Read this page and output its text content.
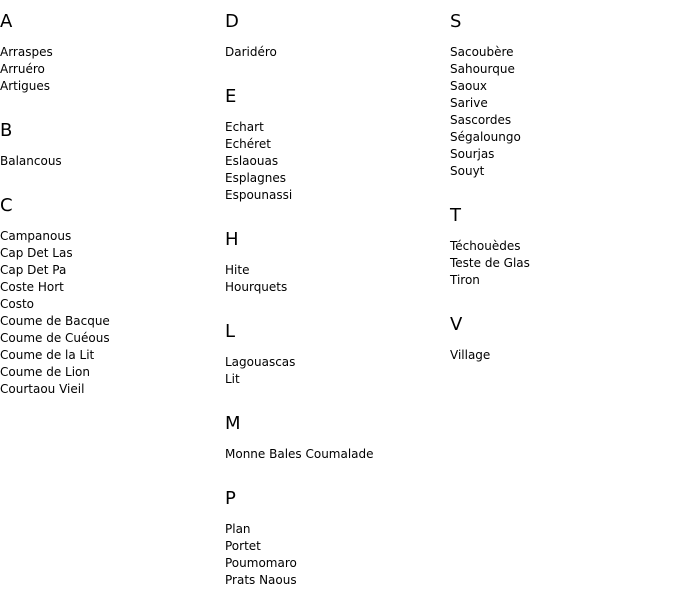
A
Arraspes
Arruéro
Artigues
B
Balancous
C
Campanous
Cap Det Las
Cap Det Pa
Coste Hort
Costo
Coume de Bacque
Coume de Cuéous
Coume de la Lit
Coume de Lion
Courtaou Vieil
D
Daridéro
E
Echart
Echéret
Eslaouas
Esplagnes
Espounassi
H
Hite
Hourquets
L
Lagouascas
Lit
M
Monne Bales Coumalade
P
Plan
Portet
Poumomaro
Prats Naous
S
Sacoubère
Sahourque
Saoux
Sarive
Sascordes
Ségaloungo
Sourjas
Souyt
T
Téchouèdes
Teste de Glas
Tiron
V
Village
